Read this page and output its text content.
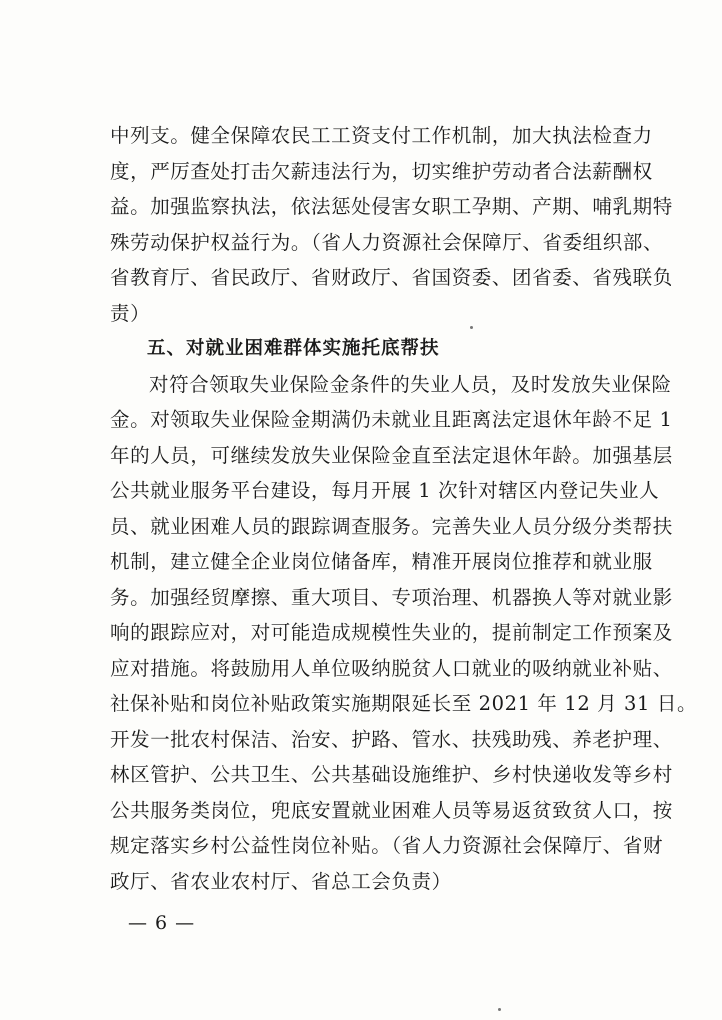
中列支。健全保障农民工工资支付工作机制，加大执法检查力
度，严厉查处打击欠薪违法行为，切实维护劳动者合法薪酬权
益。加强监察执法，依法惩处侵害女职工孕期、产期、哺乳期特
殊劳动保护权益行为。（省人力资源社会保障厅、省委组织部、
省教育厅、省民政厅、省财政厅、省国资委、团省委、省残联负
责）
五、对就业困难群体实施托底帮扶
对符合领取失业保险金条件的失业人员，及时发放失业保险
金。对领取失业保险金期满仍未就业且距离法定退休年龄不足 1
年的人员，可继续发放失业保险金直至法定退休年龄。加强基层
公共就业服务平台建设，每月开展 1 次针对辖区内登记失业人
员、就业困难人员的跟踪调查服务。完善失业人员分级分类帮扶
机制，建立健全企业岗位储备库，精准开展岗位推荐和就业服
务。加强经贸摩擦、重大项目、专项治理、机器换人等对就业影
响的跟踪应对，对可能造成规模性失业的，提前制定工作预案及
应对措施。将鼓励用人单位吸纳脱贫人口就业的吸纳就业补贴、
社保补贴和岗位补贴政策实施期限延长至 2021 年 12 月 31 日。
开发一批农村保洁、治安、护路、管水、扶残助残、养老护理、
林区管护、公共卫生、公共基础设施维护、乡村快递收发等乡村
公共服务类岗位，兜底安置就业困难人员等易返贫致贫人口，按
规定落实乡村公益性岗位补贴。（省人力资源社会保障厅、省财
政厅、省农业农村厅、省总工会负责）
— 6 —
